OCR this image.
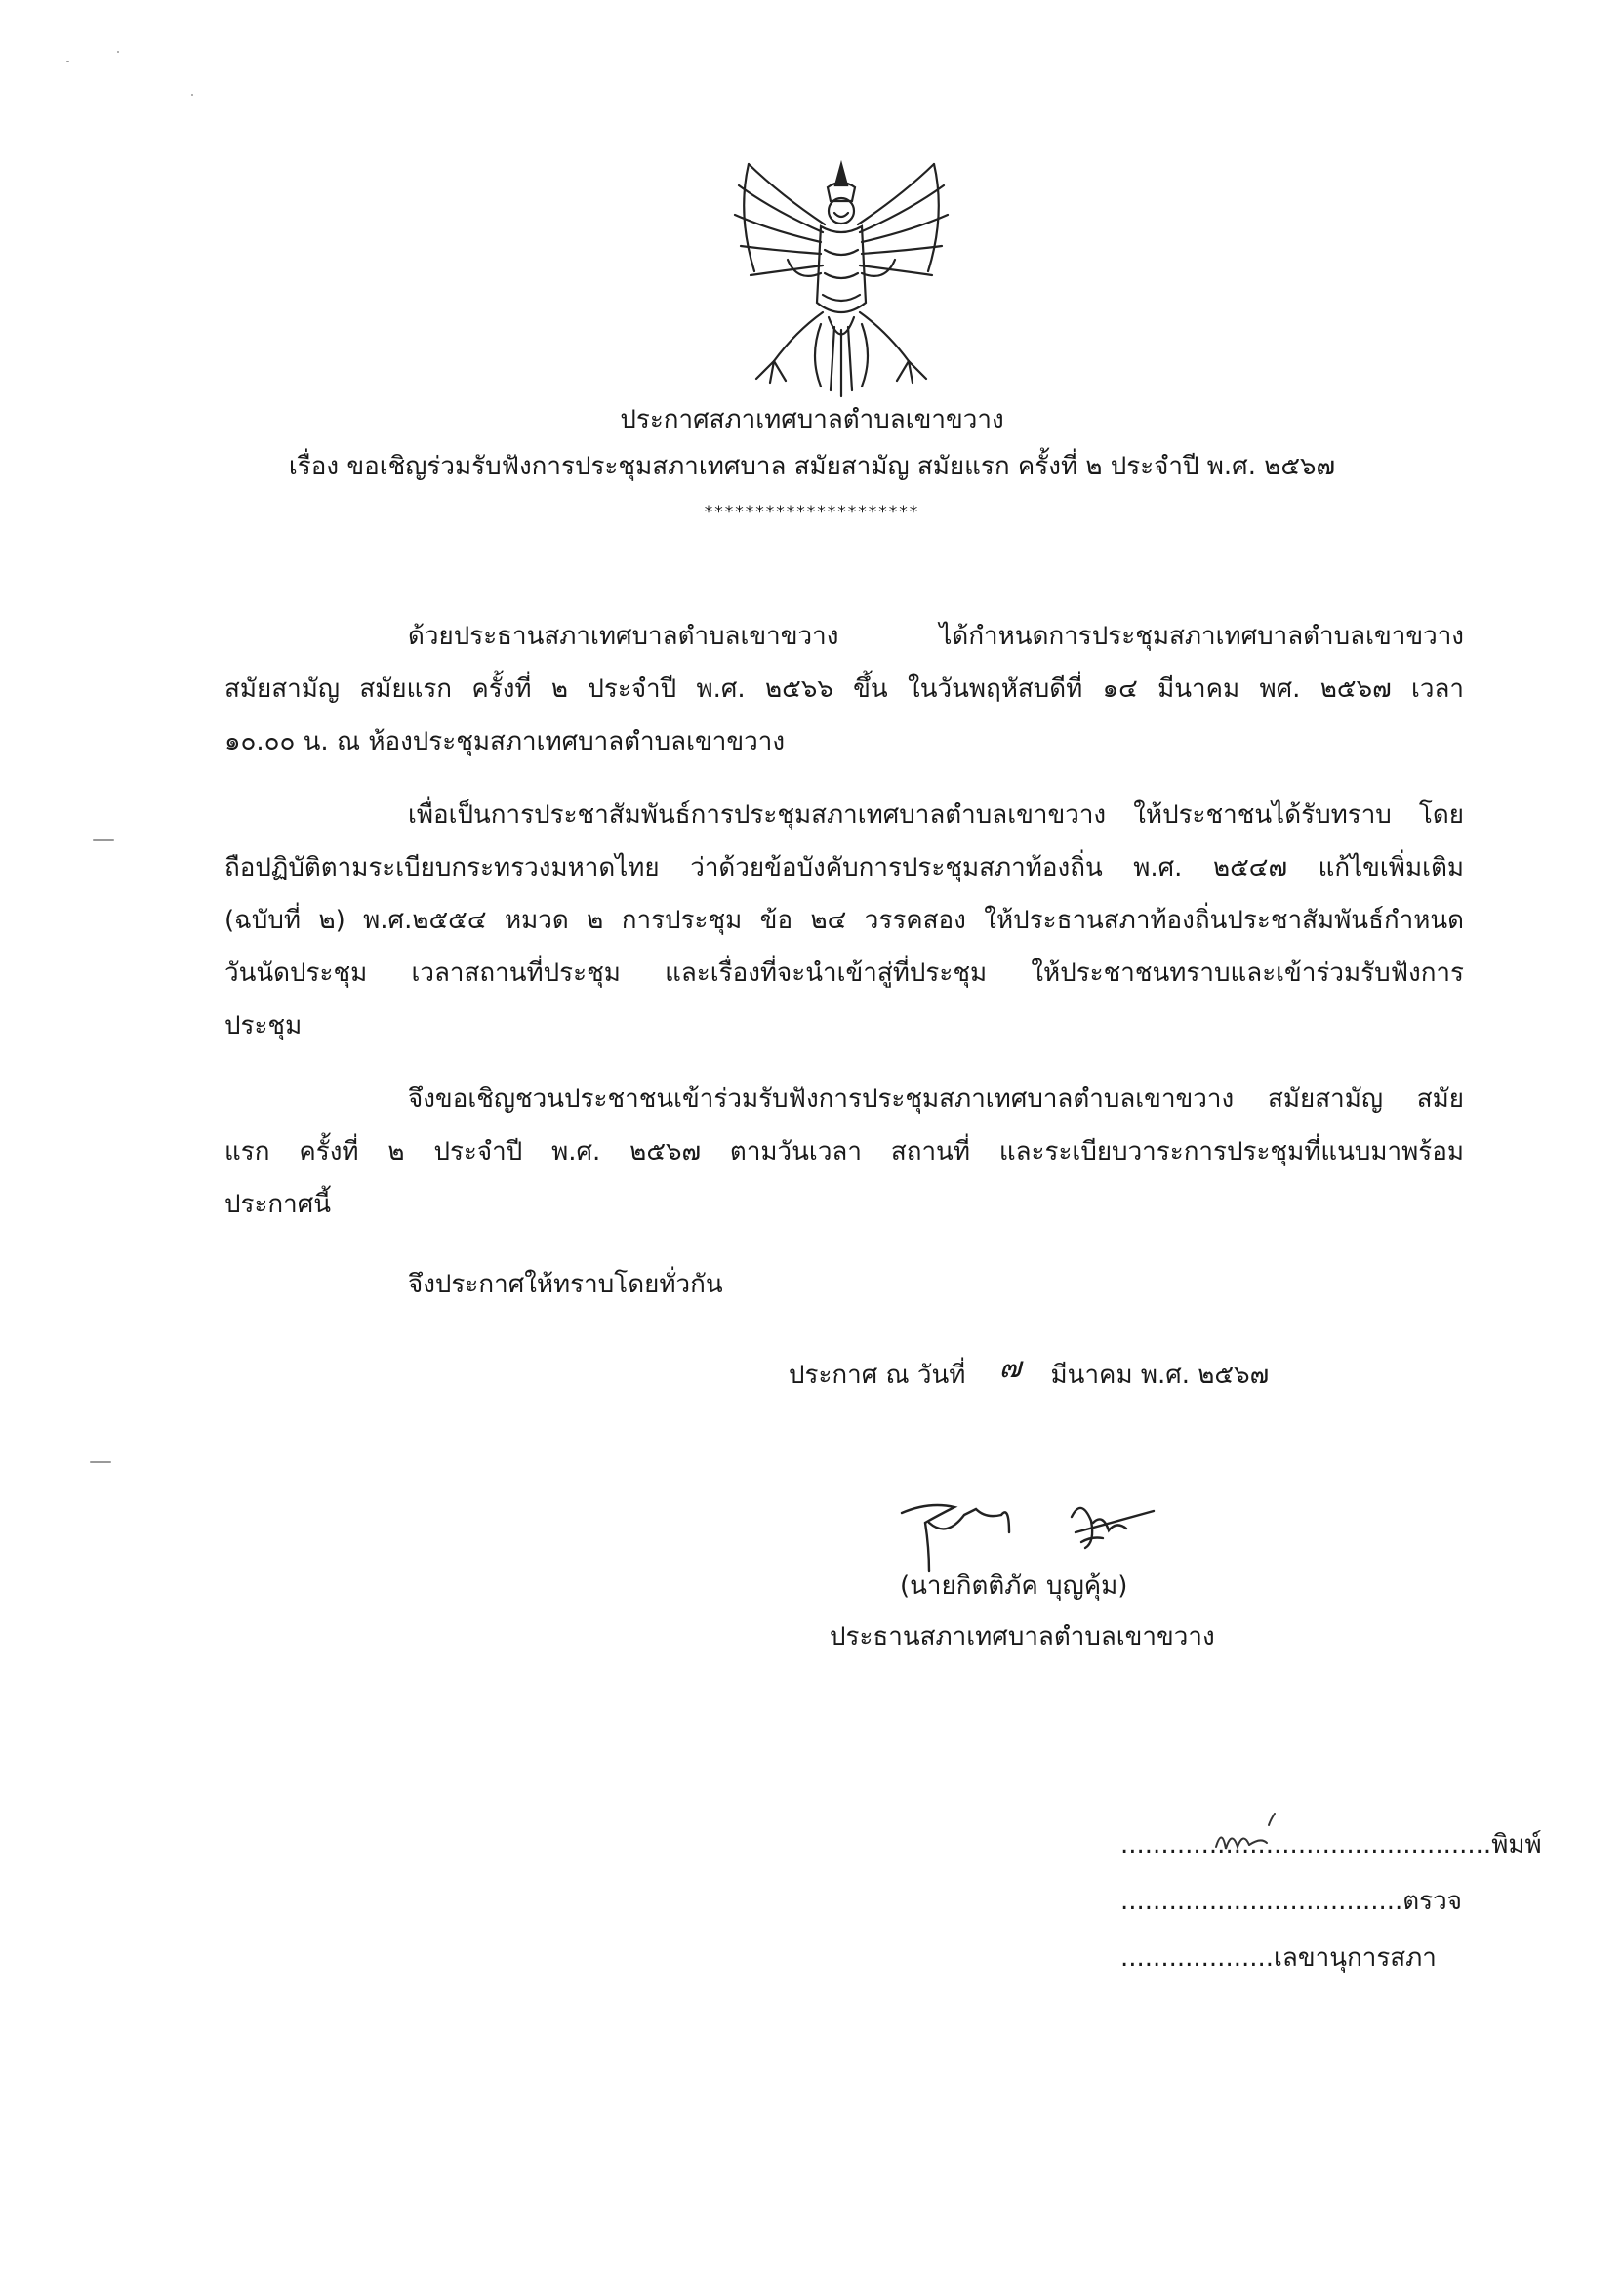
ประกาศสภาเทศบาลตำบลเขาขวาง
เรื่อง ขอเชิญร่วมรับฟังการประชุมสภาเทศบาล สมัยสามัญ สมัยแรก ครั้งที่ ๒ ประจำปี พ.ศ. ๒๕๖๗
*********************
ด้วยประธานสภาเทศบาลตำบลเขาขวาง ได้กำหนดการประชุมสภาเทศบาลตำบลเขาขวาง
สมัยสามัญ สมัยแรก ครั้งที่ ๒ ประจำปี พ.ศ. ๒๕๖๖ ขึ้น ในวันพฤหัสบดีที่ ๑๔ มีนาคม พศ. ๒๕๖๗ เวลา
๑๐.๐๐ น. ณ ห้องประชุมสภาเทศบาลตำบลเขาขวาง
เพื่อเป็นการประชาสัมพันธ์การประชุมสภาเทศบาลตำบลเขาขวาง ให้ประชาชนได้รับทราบ โดย
ถือปฏิบัติตามระเบียบกระทรวงมหาดไทย ว่าด้วยข้อบังคับการประชุมสภาท้องถิ่น พ.ศ. ๒๕๔๗ แก้ไขเพิ่มเติม
(ฉบับที่ ๒) พ.ศ.๒๕๕๔ หมวด ๒ การประชุม ข้อ ๒๔ วรรคสอง ให้ประธานสภาท้องถิ่นประชาสัมพันธ์กำหนด
วันนัดประชุม เวลาสถานที่ประชุม และเรื่องที่จะนำเข้าสู่ที่ประชุม ให้ประชาชนทราบและเข้าร่วมรับฟังการ
ประชุม
จึงขอเชิญชวนประชาชนเข้าร่วมรับฟังการประชุมสภาเทศบาลตำบลเขาขวาง สมัยสามัญ สมัย
แรก ครั้งที่ ๒ ประจำปี พ.ศ. ๒๕๖๗ ตามวันเวลา สถานที่ และระเบียบวาระการประชุมที่แนบมาพร้อม
ประกาศนี้
จึงประกาศให้ทราบโดยทั่วกัน
ประกาศ ณ วันที่ ๗ มีนาคม พ.ศ. ๒๕๖๗
(นายกิตติภัค บุญคุ้ม)
ประธานสภาเทศบาลตำบลเขาขวาง
..............................................พิมพ์
...................................ตรวจ
...................เลขานุการสภา
